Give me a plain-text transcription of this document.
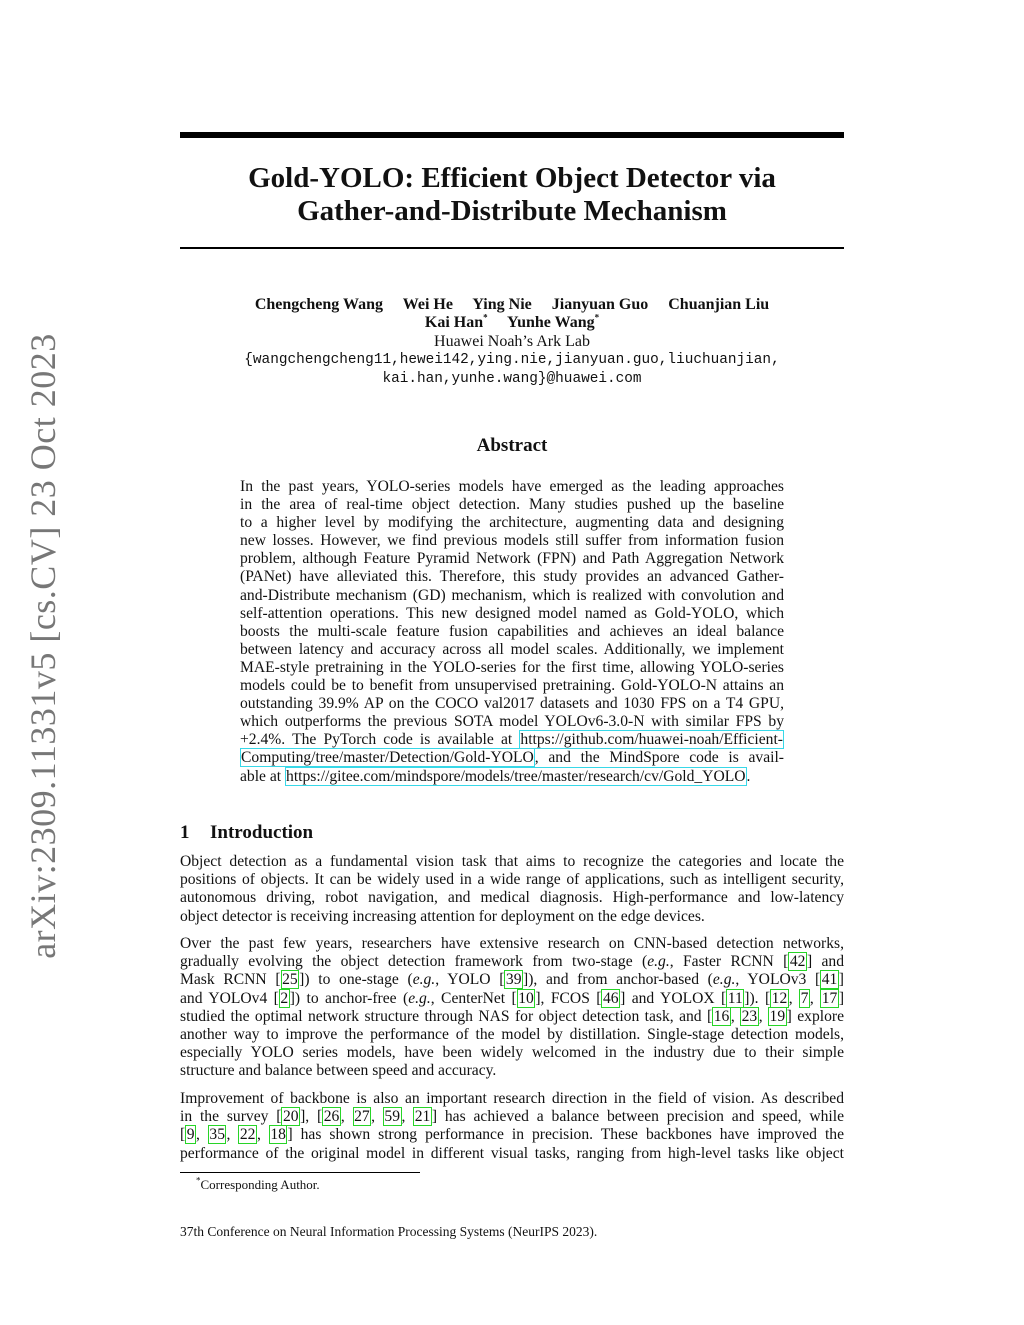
arXiv:2309.11331v5 [cs.CV] 23 Oct 2023
Gold-YOLO: Efficient Object Detector via
Gather-and-Distribute Mechanism
Chengcheng Wang Wei He Ying Nie Jianyuan Guo Chuanjian Liu
Kai Han* Yunhe Wang*
Huawei Noah’s Ark Lab
{wangchengcheng11,hewei142,ying.nie,jianyuan.guo,liuchuanjian,
kai.han,yunhe.wang}@huawei.com
Abstract
In the past years, YOLO-series models have emerged as the leading approaches
in the area of real-time object detection. Many studies pushed up the baseline
to a higher level by modifying the architecture, augmenting data and designing
new losses. However, we find previous models still suffer from information fusion
problem, although Feature Pyramid Network (FPN) and Path Aggregation Network
(PANet) have alleviated this. Therefore, this study provides an advanced Gather-
and-Distribute mechanism (GD) mechanism, which is realized with convolution and
self-attention operations. This new designed model named as Gold-YOLO, which
boosts the multi-scale feature fusion capabilities and achieves an ideal balance
between latency and accuracy across all model scales. Additionally, we implement
MAE-style pretraining in the YOLO-series for the first time, allowing YOLO-series
models could be to benefit from unsupervised pretraining. Gold-YOLO-N attains an
outstanding 39.9% AP on the COCO val2017 datasets and 1030 FPS on a T4 GPU,
which outperforms the previous SOTA model YOLOv6-3.0-N with similar FPS by
+2.4%. The PyTorch code is available at https://github.com/huawei-noah/Efficient-
Computing/tree/master/Detection/Gold-YOLO, and the MindSpore code is avail-
able at https://gitee.com/mindspore/models/tree/master/research/cv/Gold_YOLO.
1 Introduction
Object detection as a fundamental vision task that aims to recognize the categories and locate the
positions of objects. It can be widely used in a wide range of applications, such as intelligent security,
autonomous driving, robot navigation, and medical diagnosis. High-performance and low-latency
object detector is receiving increasing attention for deployment on the edge devices.
Over the past few years, researchers have extensive research on CNN-based detection networks,
gradually evolving the object detection framework from two-stage (e.g., Faster RCNN [42] and
Mask RCNN [25]) to one-stage (e.g., YOLO [39]), and from anchor-based (e.g., YOLOv3 [41]
and YOLOv4 [2]) to anchor-free (e.g., CenterNet [10], FCOS [46] and YOLOX [11]). [12, 7, 17]
studied the optimal network structure through NAS for object detection task, and [16, 23, 19] explore
another way to improve the performance of the model by distillation. Single-stage detection models,
especially YOLO series models, have been widely welcomed in the industry due to their simple
structure and balance between speed and accuracy.
Improvement of backbone is also an important research direction in the field of vision. As described
in the survey [20], [26, 27, 59, 21] has achieved a balance between precision and speed, while
[9, 35, 22, 18] has shown strong performance in precision. These backbones have improved the
performance of the original model in different visual tasks, ranging from high-level tasks like object
*Corresponding Author.
37th Conference on Neural Information Processing Systems (NeurIPS 2023).
